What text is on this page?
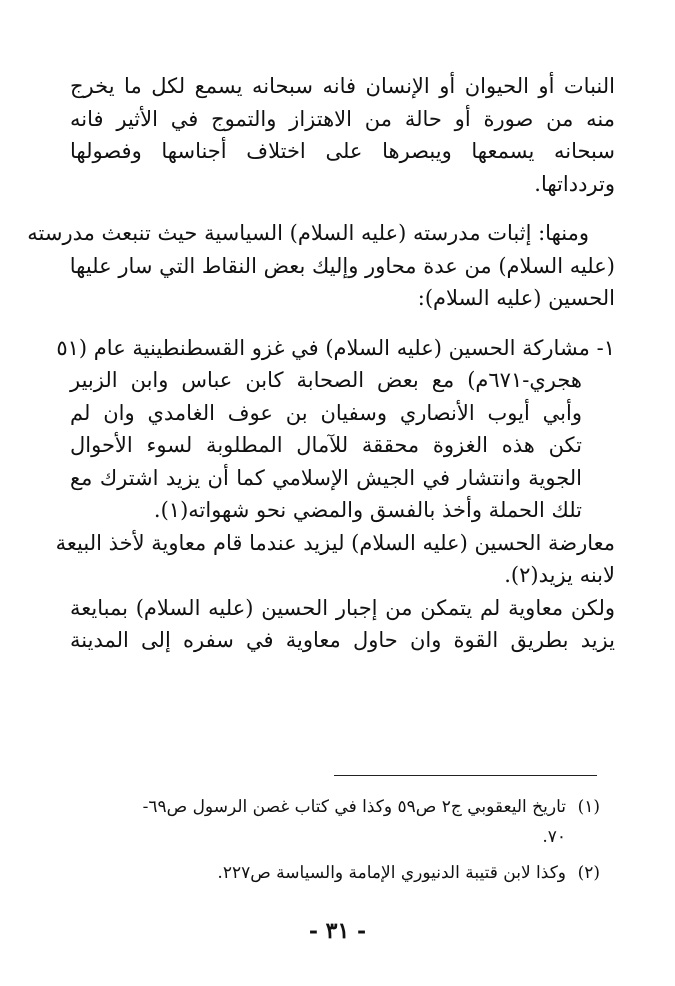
النبات أو الحيوان أو الإنسان فانه سبحانه يسمع لكل ما يخرج
منه من صورة أو حالة من الاهتزاز والتموج في الأثير فانه
سبحانه يسمعها ويبصرها على اختلاف أجناسها وفصولها
وتردداتها.
ومنها: إثبات مدرسته (عليه السلام) السياسية حيث تنبعث مدرسته
(عليه السلام) من عدة محاور وإليك بعض النقاط التي سار عليها
الحسين (عليه السلام):
١- مشاركة الحسين (عليه السلام) في غزو القسطنطينية عام (٥١
هجري-٦٧١م) مع بعض الصحابة كابن عباس وابن الزبير
وأبي أيوب الأنصاري وسفيان بن عوف الغامدي وان لم
تكن هذه الغزوة محققة للآمال المطلوبة لسوء الأحوال
الجوية وانتشار في الجيش الإسلامي كما أن يزيد اشترك مع
تلك الحملة وأخذ بالفسق والمضي نحو شهواته(١).
معارضة الحسين (عليه السلام) ليزيد عندما قام معاوية لأخذ البيعة
لابنه يزيد(٢).
ولكن معاوية لم يتمكن من إجبار الحسين (عليه السلام) بمبايعة
يزيد بطريق القوة وان حاول معاوية في سفره إلى المدينة
(١)تاريخ اليعقوبي ج٢ ص٥٩ وكذا في كتاب غصن الرسول ص٦٩-
٧٠.
(٢)وكذا لابن قتيبة الدنيوري الإمامة والسياسة ص٢٢٧.
- ٣١ -
